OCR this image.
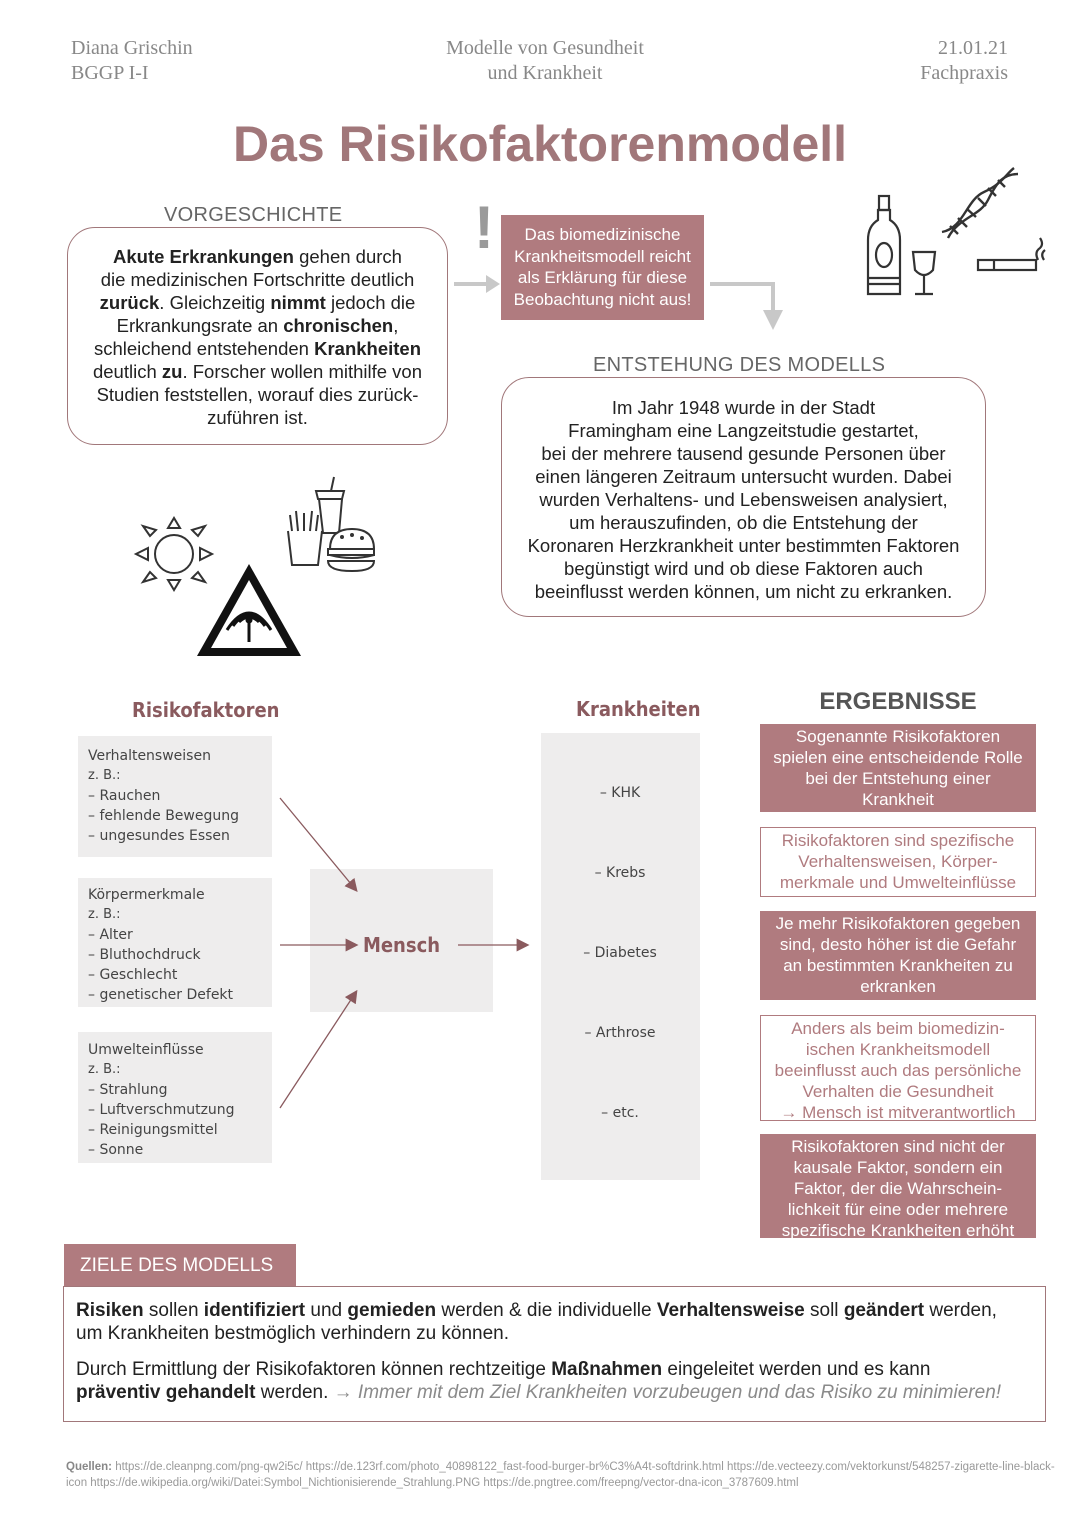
Diana Grischin
BGGP I-I
Modelle von Gesundheit
und Krankheit
21.01.21
Fachpraxis
Das Risikofaktorenmodell
VORGESCHICHTE
Akute Erkrankungen gehen durch
die medizinischen Fortschritte deutlich
zurück. Gleichzeitig nimmt jedoch die
Erkrankungsrate an chronischen,
schleichend entstehenden Krankheiten
deutlich zu. Forscher wollen mithilfe von
Studien feststellen, worauf dies zurück-
zuführen ist.
!	Das biomedizinische
Krankheitsmodell reicht
als Erklärung für diese
Beobachtung nicht aus!
ENTSTEHUNG DES MODELLS
Im Jahr 1948 wurde in der Stadt
Framingham eine Langzeitstudie gestartet,
bei der mehrere tausend gesunde Personen über
einen längeren Zeitraum untersucht wurden. Dabei
wurden Verhaltens- und Lebensweisen analysiert,
um herauszufinden, ob die Entstehung der
Koronaren Herzkrankheit unter bestimmten Faktoren
begünstigt wird und ob diese Faktoren auch
beeinflusst werden können, um nicht zu erkranken.
Risikofaktoren	Krankheiten
Verhaltensweisen
z. B.:
– Rauchen
– fehlende Bewegung
– ungesundes Essen
Körpermerkmale
z. B.:
– Alter
– Bluthochdruck
– Geschlecht
– genetischer Defekt
Umwelteinflüsse
z. B.:
– Strahlung
– Luftverschmutzung
– Reinigungsmittel
– Sonne
Mensch
– KHK
– Krebs
– Diabetes
– Arthrose
– etc.
ERGEBNISSE
Sogenannte Risikofaktoren
spielen eine entscheidende Rolle
bei der Entstehung einer
Krankheit
Risikofaktoren sind spezifische
Verhaltensweisen, Körper-
merkmale und Umwelteinflüsse
Je mehr Risikofaktoren gegeben
sind, desto höher ist die Gefahr
an bestimmten Krankheiten zu
erkranken
Anders als beim biomedizin-
ischen Krankheitsmodell
beeinflusst auch das persönliche
Verhalten die Gesundheit
→ Mensch ist mitverantwortlich
Risikofaktoren sind nicht der
kausale Faktor, sondern ein
Faktor, der die Wahrschein-
lichkeit für eine oder mehrere
spezifische Krankheiten erhöht
ZIELE DES MODELLS
Risiken sollen identifiziert und gemieden werden & die individuelle Verhaltensweise soll geändert werden,
um Krankheiten bestmöglich verhindern zu können.
Durch Ermittlung der Risikofaktoren können rechtzeitige Maßnahmen eingeleitet werden und es kann
präventiv gehandelt werden. → Immer mit dem Ziel Krankheiten vorzubeugen und das Risiko zu minimieren!
Quellen: https://de.cleanpng.com/png-qw2i5c/ https://de.123rf.com/photo_40898122_fast-food-burger-br%C3%A4t-softdrink.html https://de.vecteezy.com/vektorkunst/548257-zigarette-line-black-icon https://de.wikipedia.org/wiki/Datei:Symbol_Nichtionisierende_Strahlung.PNG https://de.pngtree.com/freepng/vector-dna-icon_3787609.html
